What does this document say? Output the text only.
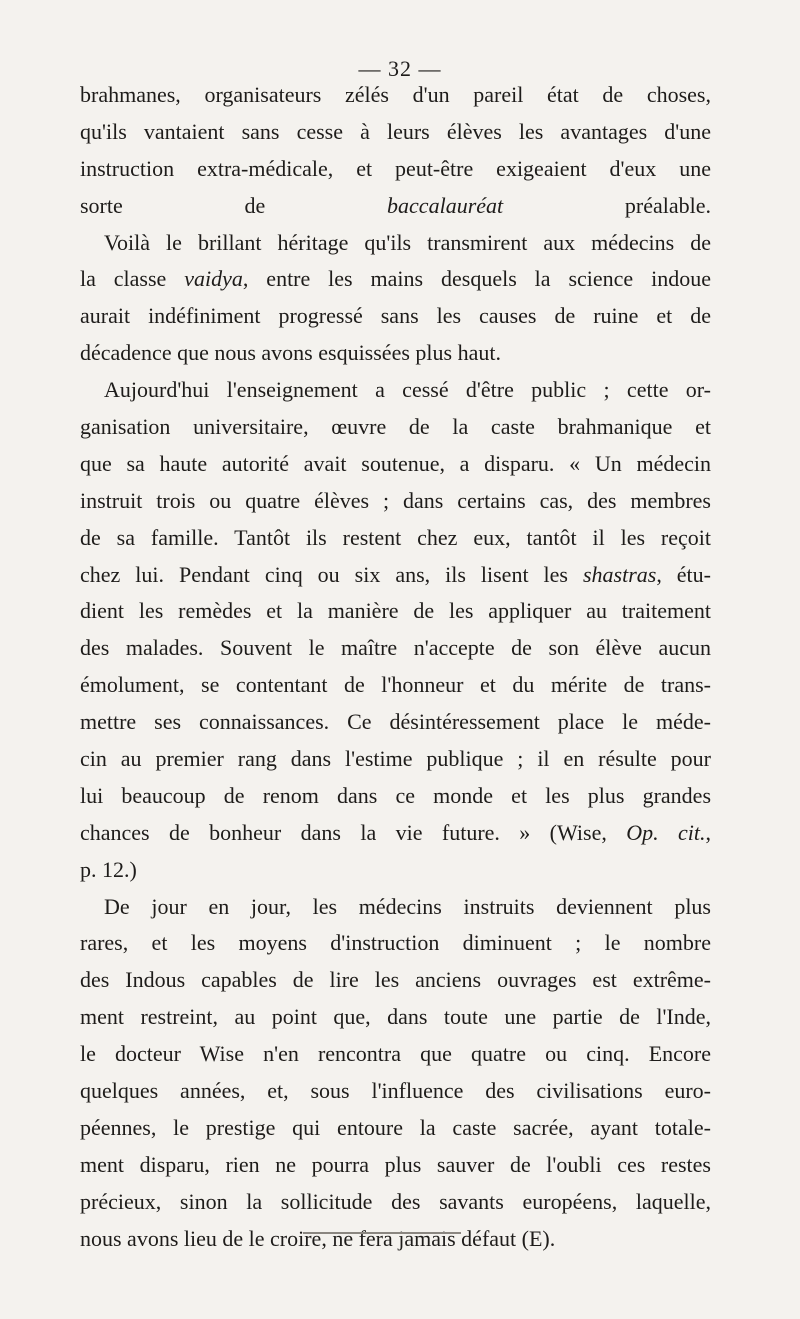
— 32 —
brahmanes, organisateurs zélés d'un pareil état de choses,
qu'ils vantaient sans cesse à leurs élèves les avantages d'une
instruction extra-médicale, et peut-être exigeaient d'eux une
sorte de baccalauréat préalable.
Voilà le brillant héritage qu'ils transmirent aux médecins de
la classe vaidya, entre les mains desquels la science indoue
aurait indéfiniment progressé sans les causes de ruine et de
décadence que nous avons esquissées plus haut.
Aujourd'hui l'enseignement a cessé d'être public ; cette or-
ganisation universitaire, œuvre de la caste brahmanique et
que sa haute autorité avait soutenue, a disparu. « Un médecin
instruit trois ou quatre élèves ; dans certains cas, des membres
de sa famille. Tantôt ils restent chez eux, tantôt il les reçoit
chez lui. Pendant cinq ou six ans, ils lisent les shastras, étu-
dient les remèdes et la manière de les appliquer au traitement
des malades. Souvent le maître n'accepte de son élève aucun
émolument, se contentant de l'honneur et du mérite de trans-
mettre ses connaissances. Ce désintéressement place le méde-
cin au premier rang dans l'estime publique ; il en résulte pour
lui beaucoup de renom dans ce monde et les plus grandes
chances de bonheur dans la vie future. » (Wise, Op. cit.,
p. 12.)
De jour en jour, les médecins instruits deviennent plus
rares, et les moyens d'instruction diminuent ; le nombre
des Indous capables de lire les anciens ouvrages est extrême-
ment restreint, au point que, dans toute une partie de l'Inde,
le docteur Wise n'en rencontra que quatre ou cinq. Encore
quelques années, et, sous l'influence des civilisations euro-
péennes, le prestige qui entoure la caste sacrée, ayant totale-
ment disparu, rien ne pourra plus sauver de l'oubli ces restes
précieux, sinon la sollicitude des savants européens, laquelle,
nous avons lieu de le croire, ne fera jamais défaut (E).
